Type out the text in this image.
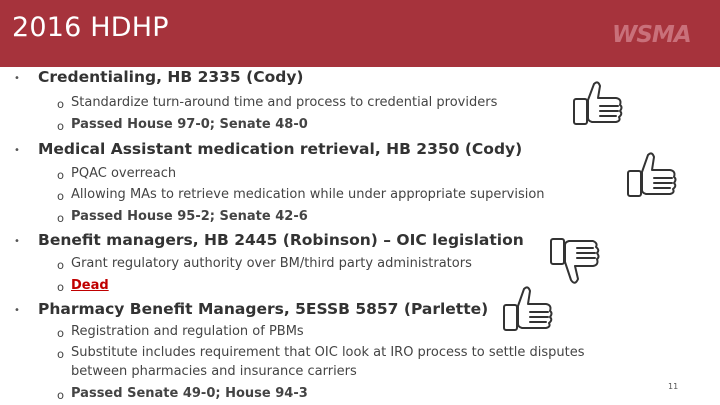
2016 HDHP	WSMA
• Credentialing, HB 2335 (Cody)
o Standardize turn-around time and process to credential providers
o Passed House 97-0; Senate 48-0
• Medical Assistant medication retrieval, HB 2350 (Cody)
o PQAC overreach
o Allowing MAs to retrieve medication while under appropriate supervision
o Passed House 95-2; Senate 42-6
• Benefit managers, HB 2445 (Robinson) – OIC legislation
o Grant regulatory authority over BM/third party administrators
o Dead
• Pharmacy Benefit Managers, 5ESSB 5857 (Parlette)
o Registration and regulation of PBMs
o Substitute includes requirement that OIC look at IRO process to settle disputes
between pharmacies and insurance carriers
o Passed Senate 49-0; House 94-3	11
